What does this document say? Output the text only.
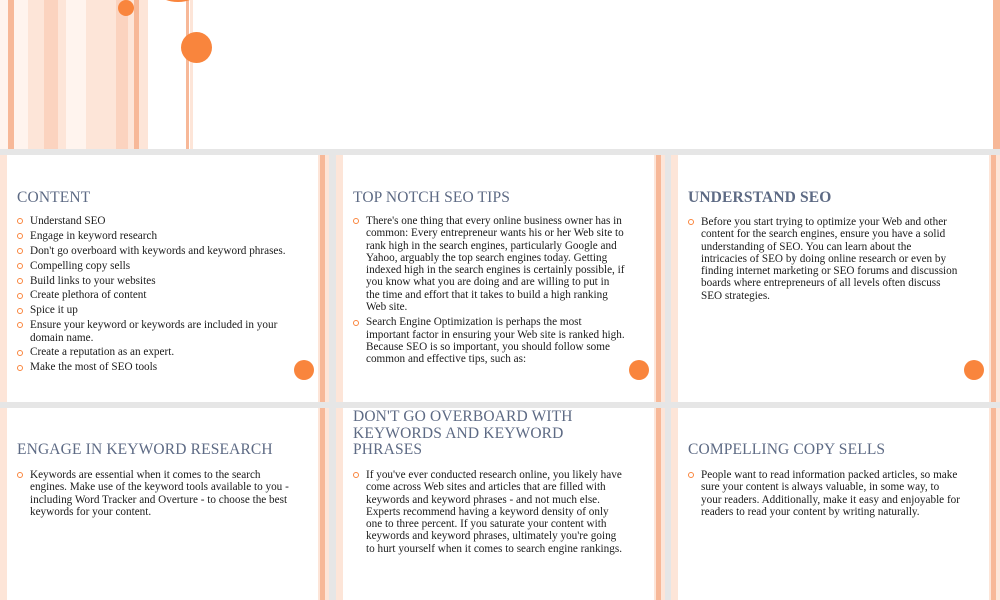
CONTENT
Understand SEO
Engage in keyword research
Don't go overboard with keywords and keyword phrases.
Compelling copy sells
Build links to your websites
Create plethora of content
Spice it up
Ensure your keyword or keywords are included in your domain name.
Create a reputation as an expert.
Make the most of SEO tools
TOP NOTCH SEO TIPS
There's one thing that every online business owner has in common: Every entrepreneur wants his or her Web site to rank high in the search engines, particularly Google and Yahoo, arguably the top search engines today. Getting indexed high in the search engines is certainly possible, if you know what you are doing and are willing to put in the time and effort that it takes to build a high ranking Web site.
Search Engine Optimization is perhaps the most important factor in ensuring your Web site is ranked high. Because SEO is so important, you should follow some common and effective tips, such as:
UNDERSTAND SEO
Before you start trying to optimize your Web and other content for the search engines, ensure you have a solid understanding of SEO. You can learn about the intricacies of SEO by doing online research or even by finding internet marketing or SEO forums and discussion boards where entrepreneurs of all levels often discuss SEO strategies.
ENGAGE IN KEYWORD RESEARCH
Keywords are essential when it comes to the search engines. Make use of the keyword tools available to you - including Word Tracker and Overture - to choose the best keywords for your content.
DON'T GO OVERBOARD WITH KEYWORDS AND KEYWORD PHRASES
If you've ever conducted research online, you likely have come across Web sites and articles that are filled with keywords and keyword phrases - and not much else. Experts recommend having a keyword density of only one to three percent. If you saturate your content with keywords and keyword phrases, ultimately you're going to hurt yourself when it comes to search engine rankings.
COMPELLING COPY SELLS
People want to read information packed articles, so make sure your content is always valuable, in some way, to your readers. Additionally, make it easy and enjoyable for readers to read your content by writing naturally.
